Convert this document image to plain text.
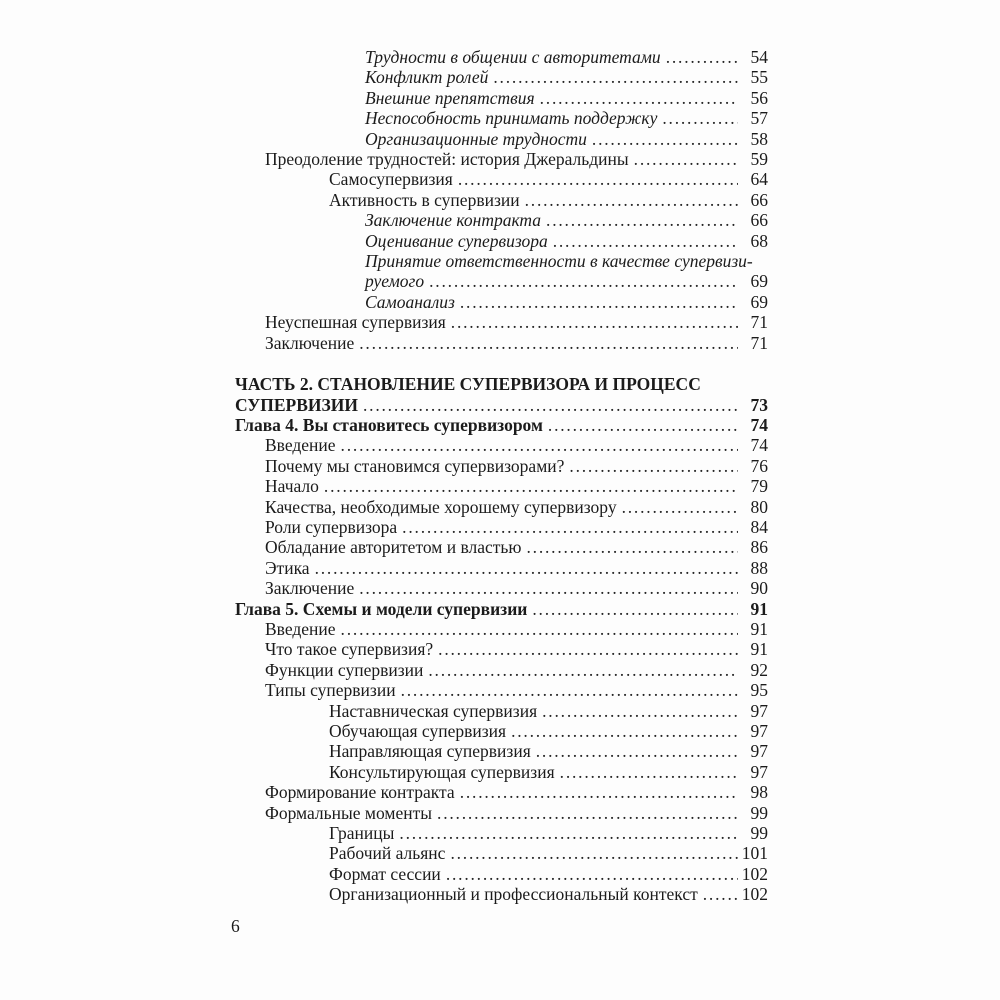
Трудности в общении с авторитетами .....	54
Конфликт ролей .....	55
Внешние препятствия .....	56
Неспособность принимать поддержку .....	57
Организационные трудности .....	58
Преодоление трудностей: история Джеральдины .....	59
Самосупервизия .....	64
Активность в супервизии .....	66
Заключение контракта .....	66
Оценивание супервизора .....	68
Принятие ответственности в качестве супервизи-
руемого .....	69
Самоанализ .....	69
Неуспешная супервизия .....	71
Заключение .....	71
ЧАСТЬ 2. СТАНОВЛЕНИЕ СУПЕРВИЗОРА И ПРОЦЕСС
СУПЕРВИЗИИ .....	73
Глава 4. Вы становитесь супервизором .....	74
Введение .....	74
Почему мы становимся супервизорами? .....	76
Начало .....	79
Качества, необходимые хорошему супервизору .....	80
Роли супервизора .....	84
Обладание авторитетом и властью .....	86
Этика .....	88
Заключение .....	90
Глава 5. Схемы и модели супервизии .....	91
Введение .....	91
Что такое супервизия? .....	91
Функции супервизии .....	92
Типы супервизии .....	95
Наставническая супервизия .....	97
Обучающая супервизия .....	97
Направляющая супервизия .....	97
Консультирующая супервизия .....	97
Формирование контракта .....	98
Формальные моменты .....	99
Границы .....	99
Рабочий альянс .....	101
Формат сессии .....	102
Организационный и профессиональный контекст .....	102
6
